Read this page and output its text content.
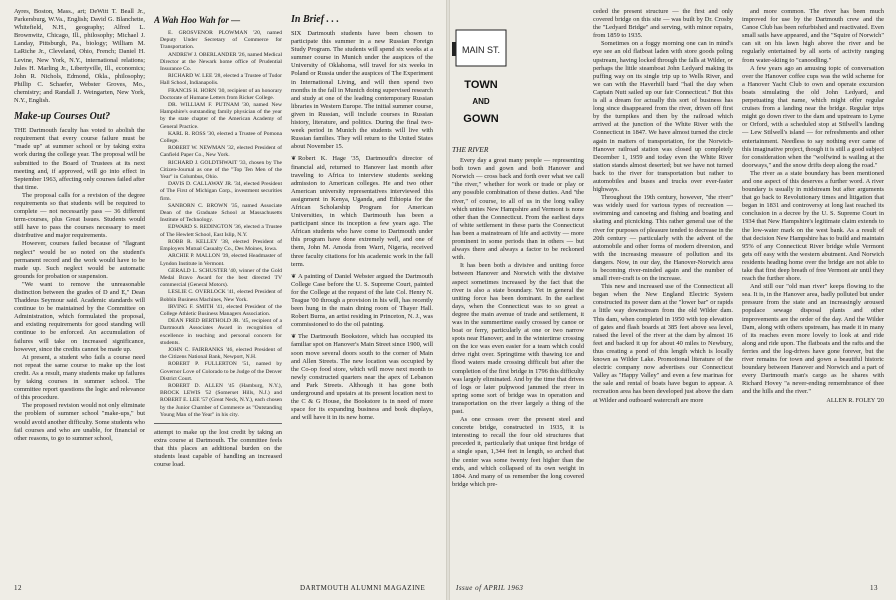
Ayres, Boston, Mass., art; DeWitt T. Beall Jr., Parkersburg, W.Va., English; David G. Blanchette, Whitefield, N.H., geography; Alfred L. Brownwitz, Chicago, Ill., philosophy; Michael J. Landay, Pittsburgh, Pa., biology; William M. LaRiche Jr., Cleveland, Ohio, French; Daniel H. Levine, New York, N.Y., international relations; Jules H. Marling Jr., Libertyville, Ill., economics; John R. Nichols, Edmond, Okla., philosophy; Phillip C. Schaefer, Webster Groves, Mo., chemistry; and Randall J. Weingarten, New York, N.Y., English.

Make-up Courses Out?

THE Dartmouth faculty has voted to abolish the requirement that every course failure must be "made up" at summer school or by taking extra work during the college year. The proposal will be submitted to the Board of Trustees at its next meeting and, if approved, will go into effect in September 1963, affecting only courses failed after that time.

The proposal calls for a revision of the degree requirements so that students will be required to complete — not necessarily pass — 36 different term-courses, plus Great Issues. Students would still have to pass the courses necessary to meet distributive and major requirements.

However, courses failed because of "flagrant neglect" would be so noted on the student's permanent record and the work would have to be made up. Such neglect would be automatic grounds for probation or suspension.

"We want to remove the unreasonable distinction between the grades of D and E," Dean Thaddeus Seymour said. Academic standards will continue to be maintained by the Committee on Administration, which formulated the proposal, and existing requirements for good standing will continue to be enforced. An accumulation of failures will take on increased significance, however, since the credits cannot be made up.

At present, a student who fails a course need not repeat the same course to make up the lost credit. As a result, many students make up failures by taking courses in summer school. The committee report questions the logic and relevance of this procedure.

The proposed revision would not only eliminate the problem of summer school "make-ups," but would avoid another difficulty. Some students who fail courses and who are unable, for financial or other reasons, to go to summer school,

A Wah Hoo Wah for —

E. GROSVENOR PLOWMAN '20, named Deputy Under Secretary of Commerce for Transportation.

ANDREW J. OBERLANDER '26, named Medical Director at the Newark home office of Prudential Insurance Co.

RICHARD W. LEE '28, elected a Trustee of Tudor Hall School, Indianapolis.

FRANCIS H. HORN '30, recipient of an honorary Doctorate of Humane Letters from Ricker College.

DR. WILLIAM F. PUTNAM '30, named New Hampshire's outstanding family physician of the year by the state chapter of the American Academy of General Practice.

KARL R. ROSS '30, elected a Trustee of Pomona College.

ROBERT W. NEWMAN '32, elected President of Canfield Paper Co., New York.

RICHARD J. GOLDTHWAIT '33, chosen by The Citizen-Journal as one of the "Top Ten Men of the Year" in Columbus, Ohio.

DAVIS D. CALLAWAY JR. '34, elected President of The First of Michigan Corp., investment securities firm.

SANBORN C. BROWN '35, named Associate Dean of the Graduate School at Massachusetts Institute of Technology.

EDWARD S. REDINGTON '36, elected a Trustee of The Hewlett School, East Islip, N.Y.

ROBB R. KELLEY '38, elected President of Employers Mutual Casualty Co., Des Moines, Iowa.

ARCHIE P. MALLON '39, elected Headmaster of Lyndon Institute in Vermont.

GERALD L. SCHUSTER '40, winner of the Gold Medal Bravo Award for the best directed TV commercial (General Motors).

LESLIE C. OVERLOCK '41, elected President of Bobbin Business Machines, New York.

IRVING F. SMITH '41, elected President of the College Athletic Business Managers Association.

DEAN FRED BERTHOLD JR. '45, recipient of a Dartmouth Associates Award in recognition of excellence in teaching and personal concern for students.

JOHN C. FAIRBANKS '46, elected President of the Citizens National Bank, Newport, N.H.

ROBERT P. FULLERTON '51, named by Governor Love of Colorado to be Judge of the Denver District Court.

ROBERT D. ALLEN '45 (Hamburg, N.Y.), BROCK LEWIS '52 (Somerset Hills, N.J.) and ROBERT E. LEE '57 (Great Neck, N.Y.), each chosen by the Junior Chamber of Commerce as "Outstanding Young Man of the Year" in his city.

attempt to make up the lost credit by taking an extra course at Dartmouth. The committee feels that this places an additional burden on the students least capable of handling an increased course load.

In Brief . . .

SIX Dartmouth students have been chosen to participate this summer in a new Russian Foreign Study Program. The students will spend six weeks at a summer course in Munich under the auspices of the University of Oklahoma, will travel for six weeks in Poland or Russia under the auspices of The Experiment in International Living, and will then spend two months in the fall in Munich doing supervised research and study at one of the leading contemporary Russian libraries in Western Europe. The initial summer course, given in Russian, will include courses in Russian history, literature, and politics. During the final two-week period in Munich the students will live with Russian families. They will return to the United States about November 15.

❦ Robert K. Hage '35, Dartmouth's director of financial aid, returned to Hanover last month after traveling to Africa to interview students seeking admission to American colleges. He and two other American university representatives interviewed this assignment in Kenya, Uganda, and Ethiopia for the African Scholarship Program for American Universities, in which Dartmouth has been a participant since its inception a few years ago. The African students who have come to Dartmouth under this program have done extremely well, and one of them, John M. Amoda from Warri, Nigeria, received three faculty citations for his academic work in the fall term.

❦ A painting of Daniel Webster argued the Dartmouth College Case before the U. S. Supreme Court, painted for the College at the request of the late Col. Henry N. Teague '00 through a provision in his will, has recently been hung in the main dining room of Thayer Hall. Robert Burns, an artist residing in Princeton, N. J., was commissioned to do the oil painting.

❦ The Dartmouth Bookstore, which has occupied its familiar spot on Hanover's Main Street since 1900, will soon move several doors south to the corner of Main and Allen Streets. The new location was occupied by the Co-op food store, which will move next month to newly constructed quarters near the apex of Lebanon and Park Streets. Although it has gone both underground and upstairs at its present location next to the C & G House, the Bookstore is in need of more space for its expanding business and book displays, and will have it in its new home.

12	DARTMOUTH ALUMNI MAGAZINE
MAIN ST.
TOWN
AND
GOWN
THE RIVER

Every day a great many people — representing both town and gown and both Hanover and Norwich — cross back and forth over what we call "the river," whether for work or trade or play or any possible combination of these duties. And "the river," of course, to all of us in the long valley which unites New Hampshire and Vermont is none other than the Connecticut. From the earliest days of white settlement in these parts the Connecticut has been a mainstream of life and activity — more prominent in some periods than in others — but always there and always a factor to be reckoned with.

It has been both a divisive and uniting force between Hanover and Norwich with the divisive aspect sometimes increased by the fact that the river is also a state boundary. Yet in general the uniting force has been dominant. In the earliest days, when the Connecticut was to so great a degree the main avenue of trade and settlement, it was in the summertime easily crossed by canoe or boat or ferry, particularly at one or two narrow spots near Hanover; and in the wintertime crossing on the ice was even easier for a team which could drive right over. Springtime with thawing ice and flood waters made crossing difficult but after the completion of the first bridge in 1796 this difficulty was largely eliminated. And by the time that drives of logs or later pulpwood jammed the river in spring some sort of bridge was in operation and transportation on the river largely a thing of the past.

As one crosses over the present steel and concrete bridge, constructed in 1935, it is interesting to recall the four old structures that preceded it, particularly that unique first bridge of a single span, 1,344 feet in length, so arched that the center was some twenty feet higher than the ends, and which collapsed of its own weight in 1804. And many of us remember the long covered bridge which pre-

ceded the present structure — the first and only covered bridge on this site — was built by Dr. Crosby the "Ledyard Bridge" and serving, with minor repairs, from 1859 to 1935.

Sometimes on a foggy morning one can in mind's eye see an old flatboat laden with store goods poling upstream, having locked through the falls at Wilder, or perhaps the little steamboat John Ledyard making its puffing way on its single trip up to Wells River, and we can with the Haverhill bard "hail the day when Captain Nutt sailed up our fair Connecticut." But this is all a dream for actually this sort of business has long since disappeared from the river, driven off first by the turnpikes and then by the railroad which arrived at the junction of the White River with the Connecticut in 1847. We have almost turned the circle again in matters of transportation, for the Norwich-Hanover railroad station was closed up completely December 1, 1959 and today even the White River station stands almost deserted; but we have not turned back to the river for transportation but rather to automobiles and buses and trucks over ever-faster highways.

Throughout the 19th century, however, "the river" was widely used for various types of recreation — swimming and canoeing and fishing and boating and skating and picnicking. This rather general use of the river for purposes of pleasure tended to decrease in the 20th century — particularly with the advent of the automobile and other forms of modern diversion, and with the increasing measure of pollution and its dangers. Now, in our day, the Hanover-Norwich area is becoming river-minded again and the number of small river-craft is on the increase.

This new and increased use of the Connecticut all began when the New England Electric System constructed its power dam at the "lower bar" or rapids a little way downstream from the old Wilder dam. This dam, when completed in 1950 with top elevation of gates and flash boards at 385 feet above sea level, raised the level of the river at the dam by almost 16 feet and backed it up for about 40 miles to Newbury, thus creating a pond of this length which is locally known as Wilder Lake. Promotional literature of the electric company now advertises our Connecticut Valley as "Happy Valley" and even a few marinas for the sale and rental of boats have begun to appear. A recreation area has been developed just above the dam at Wilder and outboard watercraft are more

and more common. The river has been much improved for use by the Dartmouth crew and the Canoe Club has been refurbished and reactivated. Even small sails have appeared, and the "Squire of Norwich" can sit on his lawn high above the river and be regularly entertained by all sorts of activity ranging from water-skiing to "canoodling."

A few years ago an amusing topic of conversation over the Hanover coffee cups was the wild scheme for a Hanover Yacht Club to own and operate excursion boats simulating the old John Ledyard, and perpetuating that name, which might offer regular cruises from a landing near the bridge. Regular trips might go down river to the dam and upstream to Lyme or Orford, with a scheduled stop at Stilwell's landing — Lew Stilwell's island — for refreshments and other entertainment. Needless to say nothing ever came of this imaginative project, though it is still a good subject for consideration when the "wolfwind is wailing at the doorways," and the snow drifts deep along the road."

The river as a state boundary has been mentioned and one aspect of this deserves a further word. A river boundary is usually in midstream but after arguments that go back to Revolutionary times and litigation that began in 1831 and controversy at long last reached its conclusion in a decree by the U. S. Supreme Court in 1934 that New Hampshire's legitimate claim extends to the low-water mark on the west bank. As a result of that decision New Hampshire has to build and maintain 95% of any Connecticut River bridge while Vermont gets off easy with the western abutment. And Norwich residents heading home over the bridge are not able to take that first deep breath of free Vermont air until they reach the further shore.

And still our "old man river" keeps flowing to the sea. It is, in the Hanover area, badly polluted but under pressure from the state and an increasingly aroused populace sewage disposal plants and other improvements are the order of the day. And the Wilder Dam, along with others upstream, has made it in many of its reaches even more lovely to look at and ride along and ride upon. The flatboats and the rafts and the ferries and the log-drives have gone forever, but the river remains for town and gown a beautiful historic boundary between Hanover and Norwich and a part of every Dartmouth man's cargo as he shares with Richard Hovey "a never-ending remembrance of thee and the hills and the river."

ALLEN R. FOLEY '20

Issue of APRIL 1963	13
